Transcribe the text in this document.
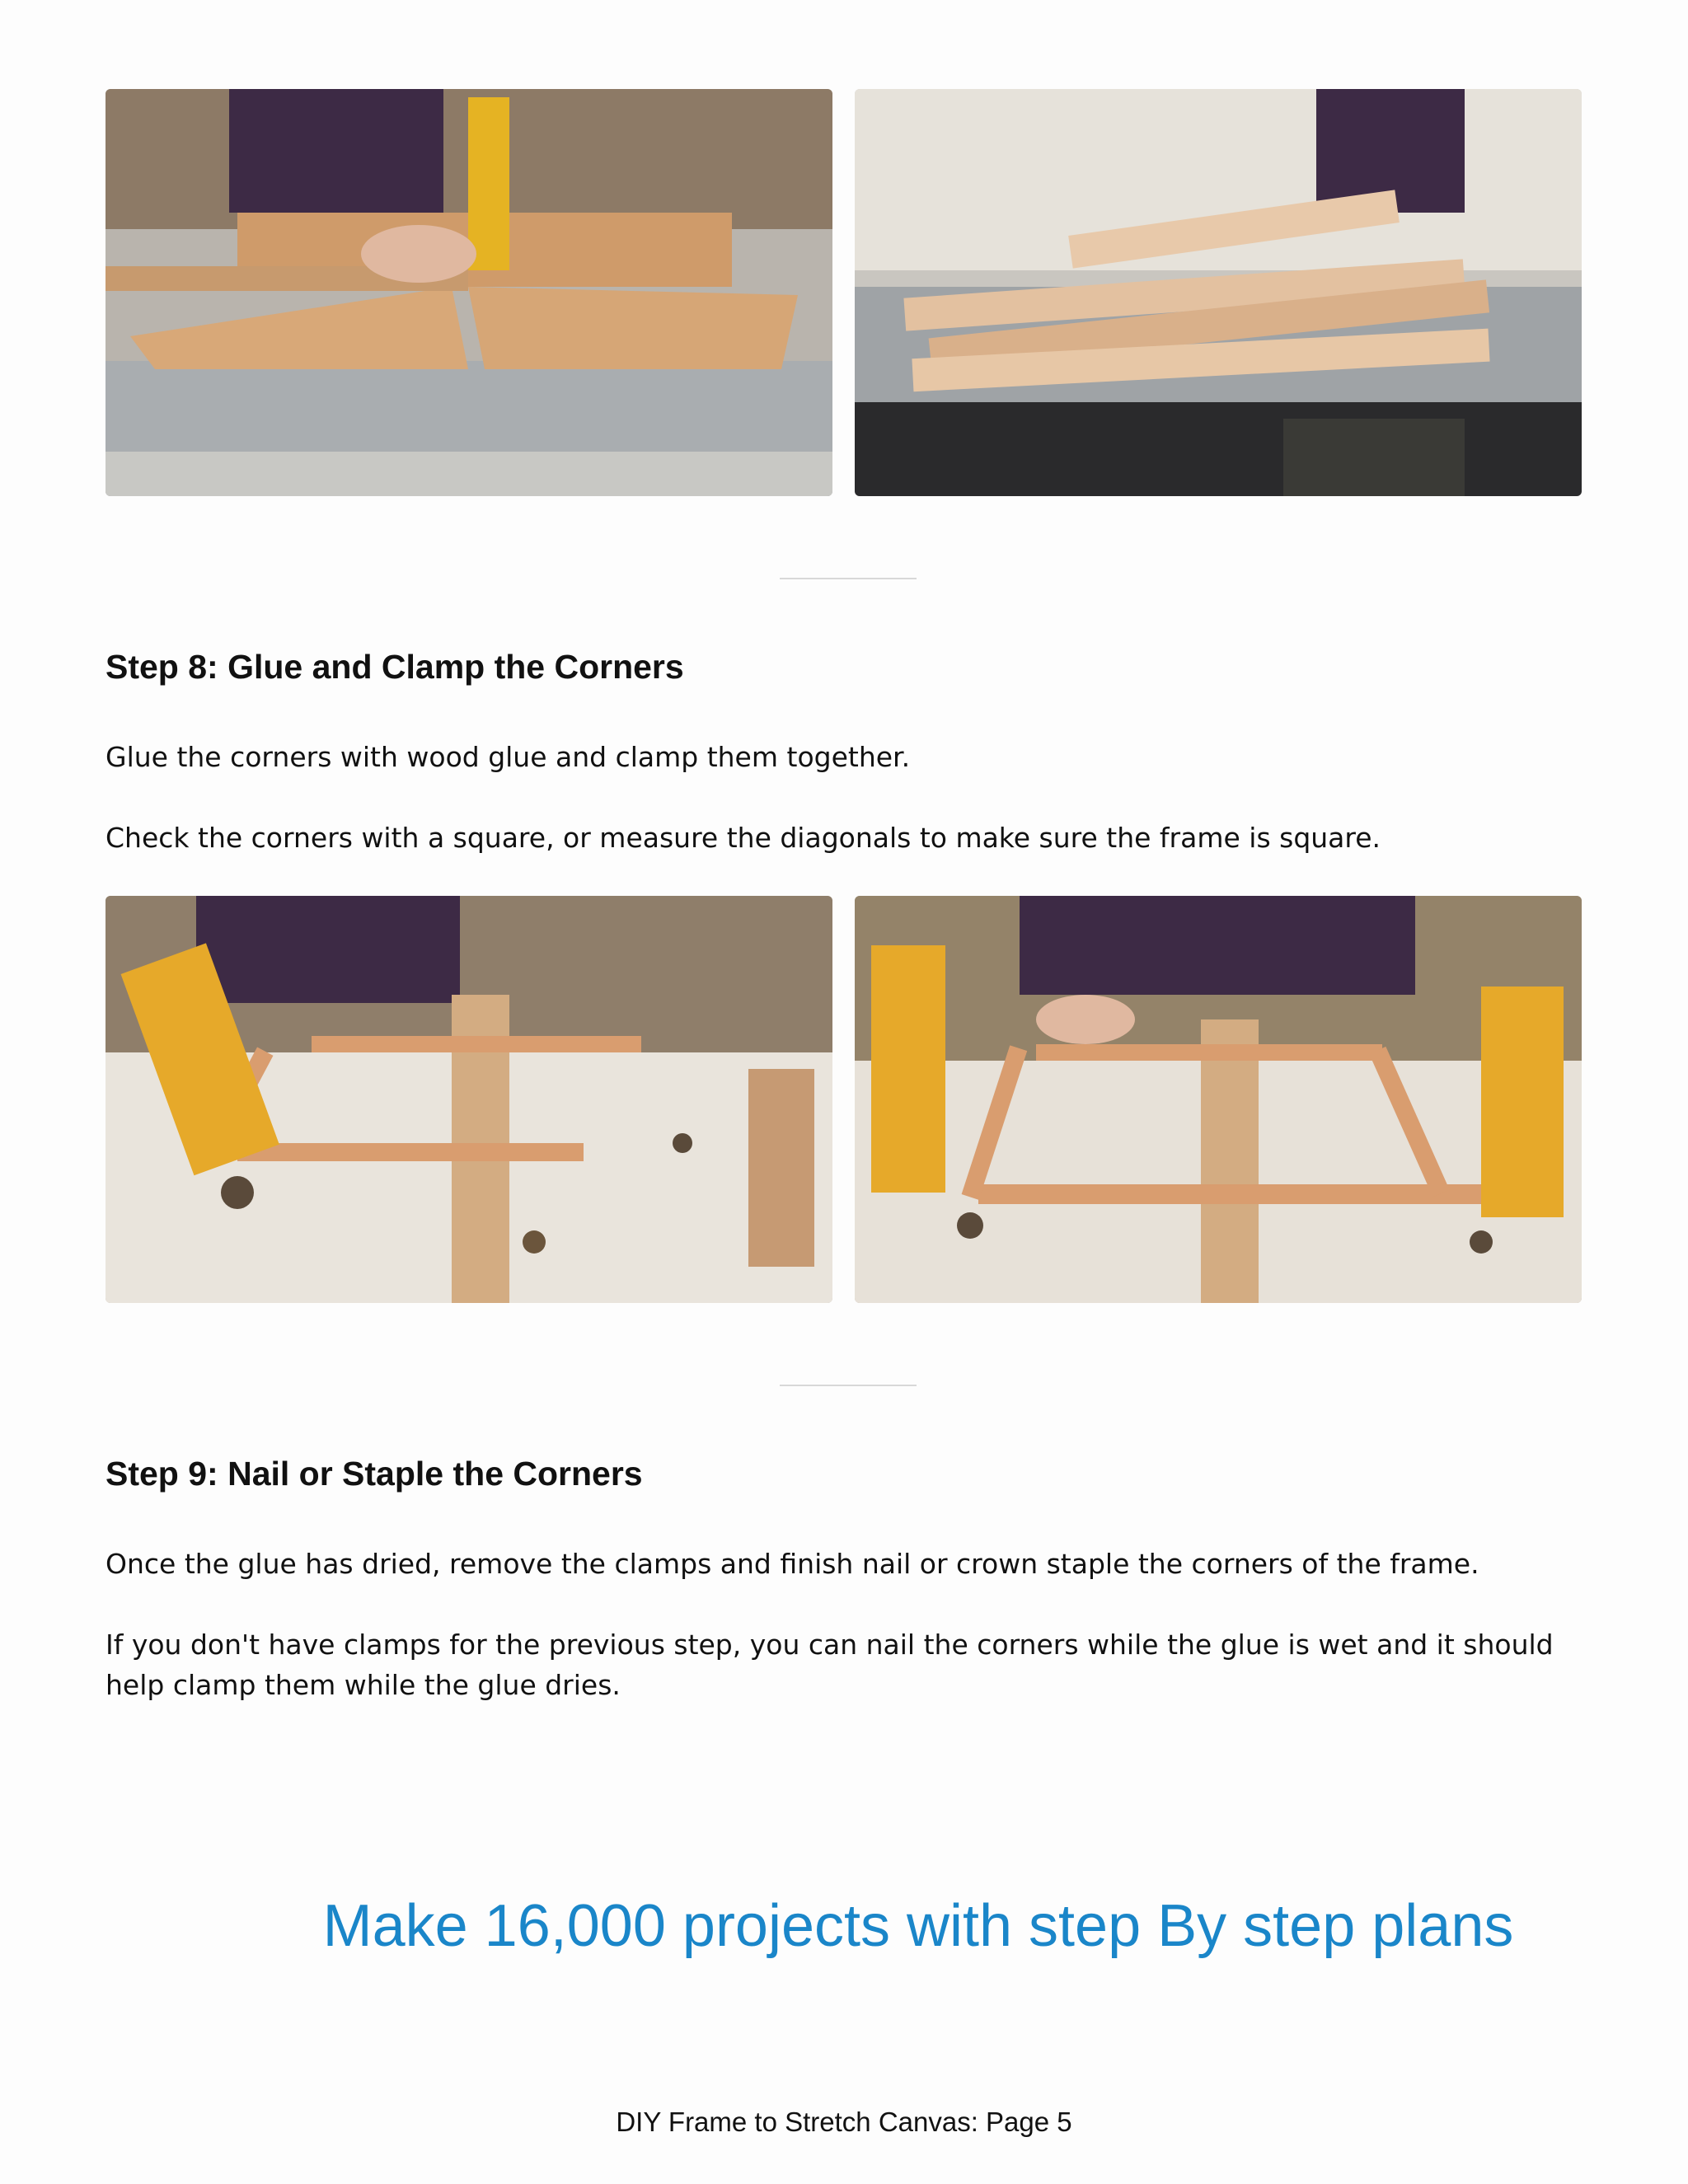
Step 8: Glue and Clamp the Corners

Glue the corners with wood glue and clamp them together.

Check the corners with a square, or measure the diagonals to make sure the frame is square.

Step 9: Nail or Staple the Corners

Once the glue has dried, remove the clamps and finish nail or crown staple the corners of the frame.

If you don't have clamps for the previous step, you can nail the corners while the glue is wet and it should help clamp them while the glue dries.

Make 16,000 projects with step By step plans
DIY Frame to Stretch Canvas: Page 5
